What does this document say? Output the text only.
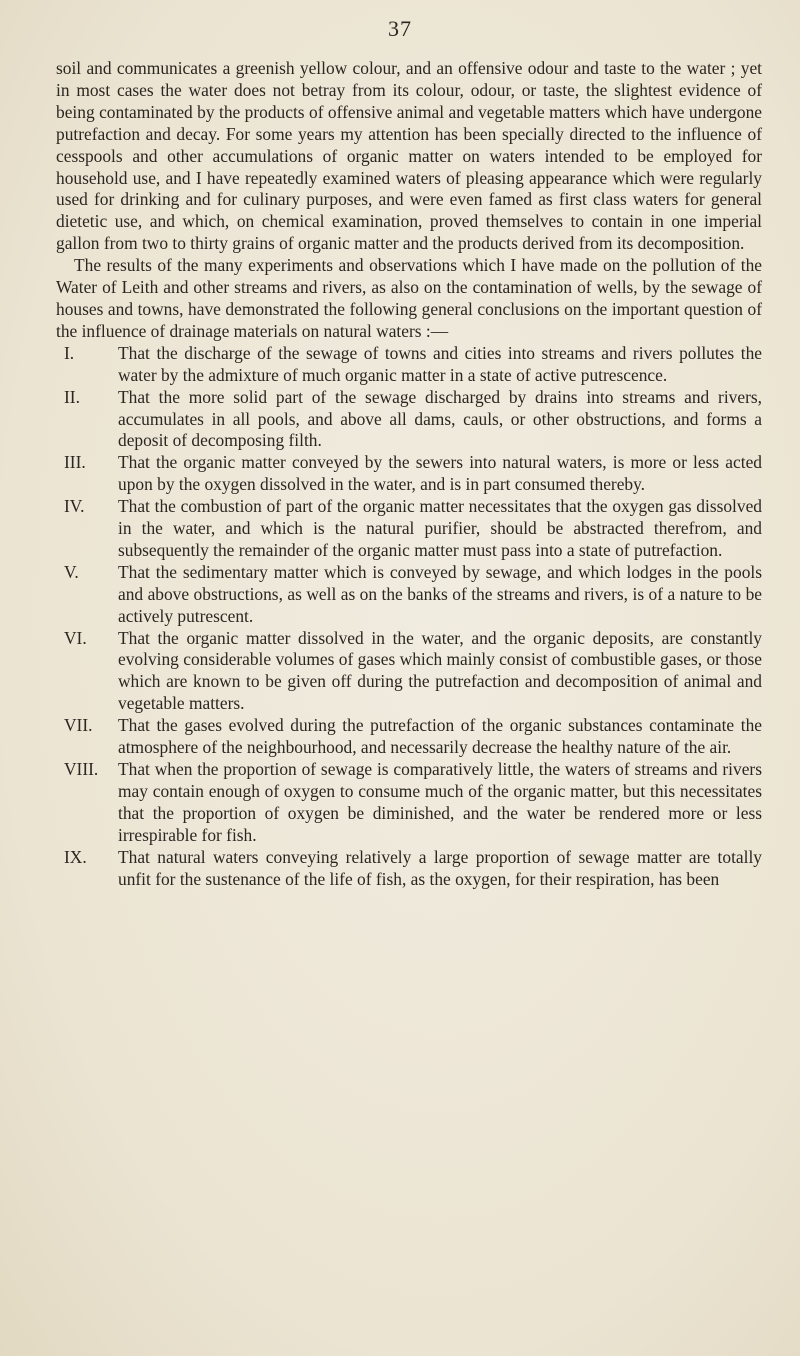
37

soil and communicates a greenish yellow colour, and an offensive odour and taste to the water ; yet in most cases the water does not betray from its colour, odour, or taste, the slightest evidence of being contaminated by the products of offensive animal and vegetable matters which have undergone putrefaction and decay. For some years my attention has been specially directed to the influence of cesspools and other accumulations of organic matter on waters intended to be employed for household use, and I have repeatedly examined waters of pleasing appearance which were regularly used for drinking and for culinary purposes, and were even famed as first class waters for general dietetic use, and which, on chemical examination, proved themselves to contain in one imperial gallon from two to thirty grains of organic matter and the products derived from its decomposition.

The results of the many experiments and observations which I have made on the pollution of the Water of Leith and other streams and rivers, as also on the contamination of wells, by the sewage of houses and towns, have demonstrated the following general conclusions on the important question of the influence of drainage materials on natural waters :—

I.	That the discharge of the sewage of towns and cities into streams and rivers pollutes the water by the admixture of much organic matter in a state of active putrescence.
II.	That the more solid part of the sewage discharged by drains into streams and rivers, accumulates in all pools, and above all dams, cauls, or other obstructions, and forms a deposit of decomposing filth.
III.	That the organic matter conveyed by the sewers into natural waters, is more or less acted upon by the oxygen dissolved in the water, and is in part consumed thereby.
IV.	That the combustion of part of the organic matter necessitates that the oxygen gas dissolved in the water, and which is the natural purifier, should be abstracted therefrom, and subsequently the remainder of the organic matter must pass into a state of putrefaction.
V.	That the sedimentary matter which is conveyed by sewage, and which lodges in the pools and above obstructions, as well as on the banks of the streams and rivers, is of a nature to be actively putrescent.
VI.	That the organic matter dissolved in the water, and the organic deposits, are constantly evolving considerable volumes of gases which mainly consist of combustible gases, or those which are known to be given off during the putrefaction and decomposition of animal and vegetable matters.
VII.	That the gases evolved during the putrefaction of the organic substances contaminate the atmosphere of the neighbourhood, and necessarily decrease the healthy nature of the air.
VIII.	That when the proportion of sewage is comparatively little, the waters of streams and rivers may contain enough of oxygen to consume much of the organic matter, but this necessitates that the proportion of oxygen be diminished, and the water be rendered more or less irrespirable for fish.
IX.	That natural waters conveying relatively a large proportion of sewage matter are totally unfit for the sustenance of the life of fish, as the oxygen, for their respiration, has been
